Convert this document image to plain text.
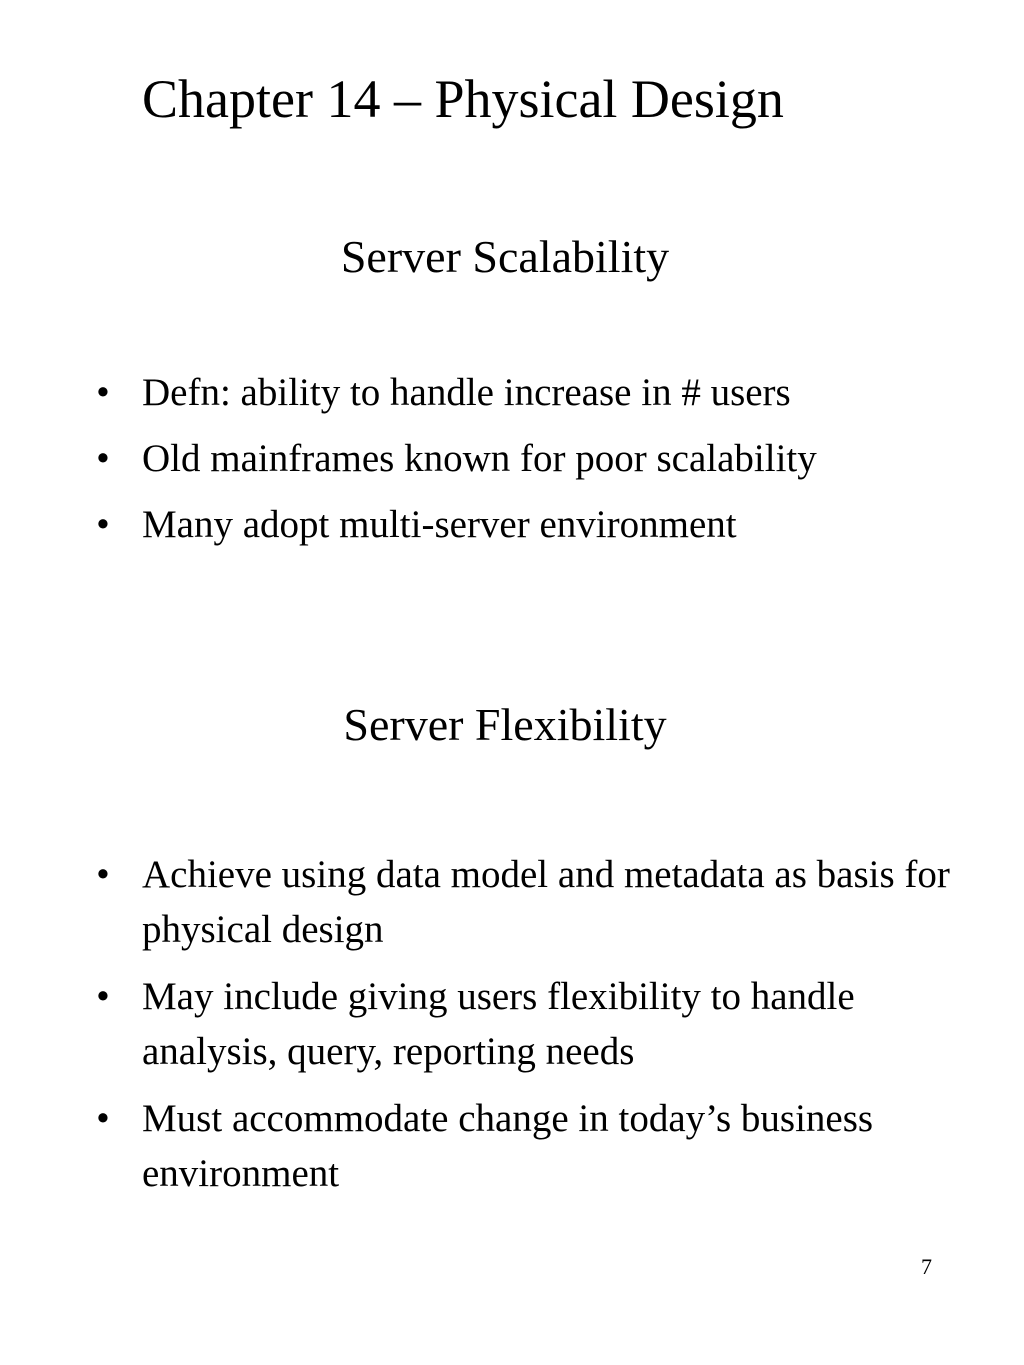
Chapter 14 – Physical Design
Server Scalability
• Defn: ability to handle increase in # users
• Old mainframes known for poor scalability
• Many adopt multi-server environment
Server Flexibility
• Achieve using data model and metadata as basis for physical design
• May include giving users flexibility to handle analysis, query, reporting needs
• Must accommodate change in today’s business environment
7
